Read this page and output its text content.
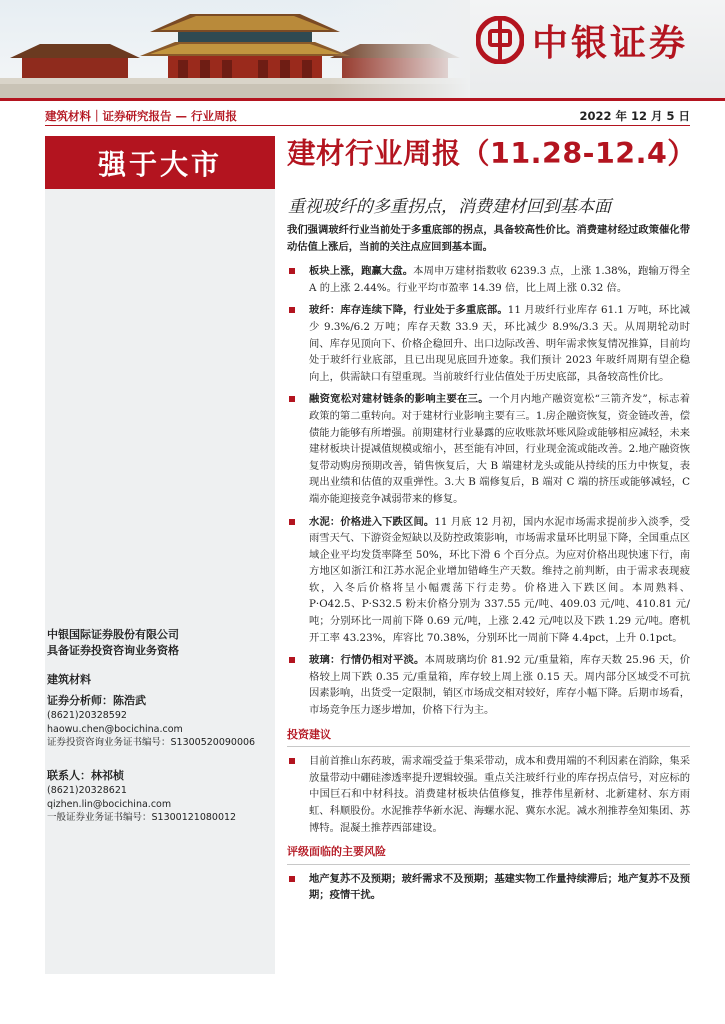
中银证券
建筑材料｜证券研究报告 — 行业周报	2022 年 12 月 5 日
强于大市
中银国际证券股份有限公司
具备证券投资咨询业务资格
建筑材料
证券分析师：陈浩武
(8621)20328592
haowu.chen@bocichina.com
证券投资咨询业务证书编号：S1300520090006
联系人：林祁桢
(8621)20328621
qizhen.lin@bocichina.com
一般证券业务证书编号：S1300121080012
建材行业周报（11.28-12.4）
重视玻纤的多重拐点，消费建材回到基本面

我们强调玻纤行业当前处于多重底部的拐点，具备较高性价比。消费建材经过政策催化带动估值上涨后，当前的关注点应回到基本面。

板块上涨，跑赢大盘。本周申万建材指数收 6239.3 点，上涨 1.38%，跑输万得全 A 的上涨 2.44%。行业平均市盈率 14.39 倍，比上周上涨 0.32 倍。
玻纤：库存连续下降，行业处于多重底部。11 月玻纤行业库存 61.1 万吨，环比减少 9.3%/6.2 万吨；库存天数 33.9 天，环比减少 8.9%/3.3 天。从周期轮动时间、库存见顶向下、价格企稳回升、出口边际改善、明年需求恢复情况推算，目前均处于玻纤行业底部，且已出现见底回升迹象。我们预计 2023 年玻纤周期有望企稳向上，供需缺口有望重现。当前玻纤行业估值处于历史底部，具备较高性价比。
融资宽松对建材链条的影响主要在三。一个月内地产融资宽松“三箭齐发”，标志着政策的第二重转向。对于建材行业影响主要有三。1.房企融资恢复，资金链改善，偿债能力能够有所增强。前期建材行业暴露的应收账款坏账风险或能够相应减轻，未来建材板块计提减值规模或缩小，甚至能有冲回，行业现金流或能改善。2.地产融资恢复带动购房预期改善，销售恢复后，大 B 端建材龙头或能从持续的压力中恢复，表现出业绩和估值的双重弹性。3.大 B 端修复后，B 端对 C 端的挤压或能够减轻，C 端亦能迎接竞争减弱带来的修复。
水泥：价格进入下跌区间。11 月底 12 月初，国内水泥市场需求提前步入淡季，受雨雪天气、下游资金短缺以及防控政策影响，市场需求量环比明显下降，全国重点区域企业平均发货率降至 50%，环比下滑 6 个百分点。为应对价格出现快速下行，南方地区如浙江和江苏水泥企业增加错峰生产天数。维持之前判断，由于需求表现疲软，入冬后价格将呈小幅震荡下行走势。价格进入下跌区间。本周熟料、P·O42.5、P·S32.5 粉末价格分别为 337.55 元/吨、409.03 元/吨、410.81 元/吨；分别环比一周前下降 0.69 元/吨，上涨 2.42 元/吨以及下跌 1.29 元/吨。磨机开工率 43.23%，库容比 70.38%，分别环比一周前下降 4.4pct，上升 0.1pct。
玻璃：行情仍相对平淡。本周玻璃均价 81.92 元/重量箱，库存天数 25.96 天，价格较上周下跌 0.35 元/重量箱，库存较上周上涨 0.15 天。周内部分区域受不可抗因素影响，出货受一定限制，销区市场成交相对较好，库存小幅下降。后期市场看，市场竞争压力逐步增加，价格下行为主。
投资建议
目前首推山东药玻，需求端受益于集采带动，成本和费用端的不利因素在消除，集采放量带动中硼硅渗透率提升逻辑较强。重点关注玻纤行业的库存拐点信号，对应标的中国巨石和中材科技。消费建材板块估值修复，推荐伟星新材、北新建材、东方雨虹、科顺股份。水泥推荐华新水泥、海螺水泥、冀东水泥。减水剂推荐垒知集团、苏博特。混凝土推荐西部建设。
评级面临的主要风险
地产复苏不及预期；玻纤需求不及预期；基建实物工作量持续滞后；地产复苏不及预期；疫情干扰。
